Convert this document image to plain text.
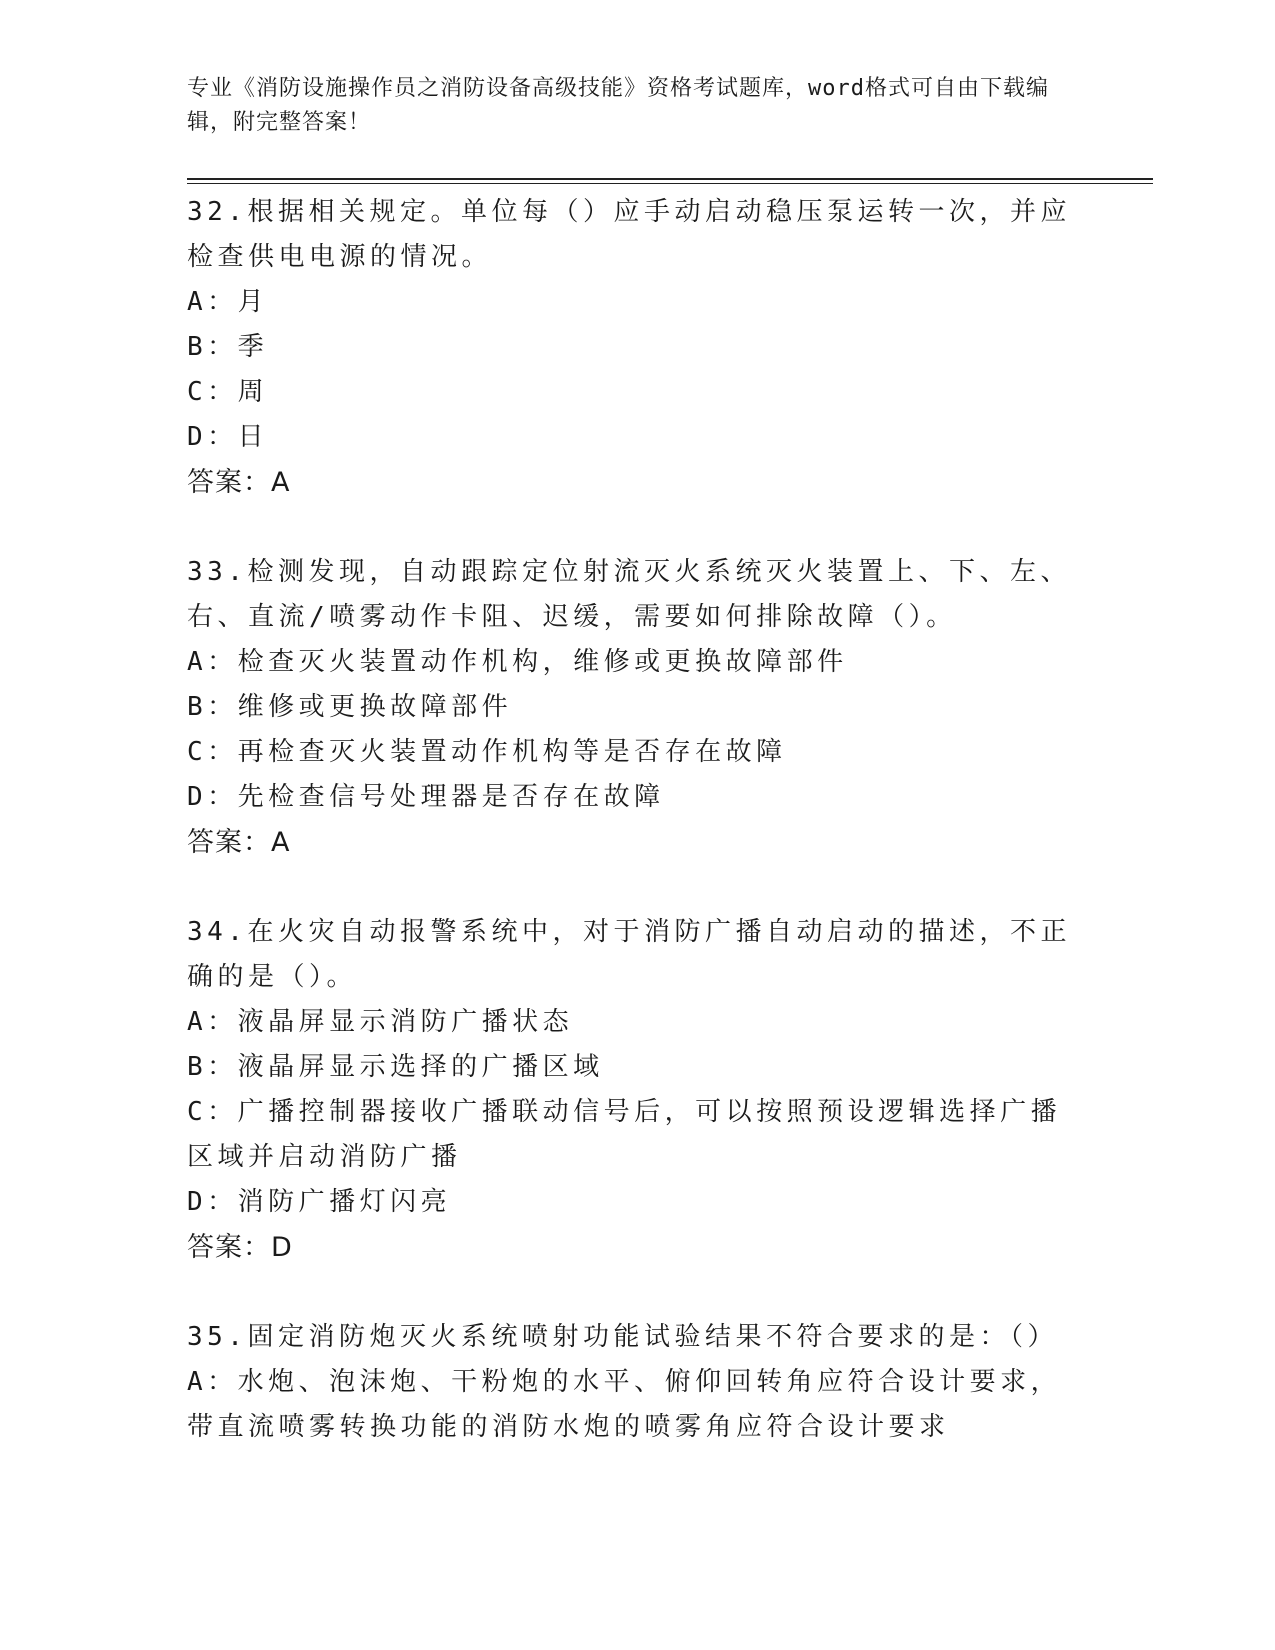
专业《消防设施操作员之消防设备高级技能》资格考试题库，word格式可自由下载编辑，附完整答案！
32.根据相关规定。单位每（）应手动启动稳压泵运转一次，并应检查供电电源的情况。
A：月
B：季
C：周
D：日
答案：A
33.检测发现，自动跟踪定位射流灭火系统灭火装置上、下、左、右、直流/喷雾动作卡阻、迟缓，需要如何排除故障（）。
A：检查灭火装置动作机构，维修或更换故障部件
B：维修或更换故障部件
C：再检查灭火装置动作机构等是否存在故障
D：先检查信号处理器是否存在故障
答案：A
34.在火灾自动报警系统中，对于消防广播自动启动的描述，不正确的是（）。
A：液晶屏显示消防广播状态
B：液晶屏显示选择的广播区域
C：广播控制器接收广播联动信号后，可以按照预设逻辑选择广播区域并启动消防广播
D：消防广播灯闪亮
答案：D
35.固定消防炮灭火系统喷射功能试验结果不符合要求的是：（）
A：水炮、泡沫炮、干粉炮的水平、俯仰回转角应符合设计要求，带直流喷雾转换功能的消防水炮的喷雾角应符合设计要求
